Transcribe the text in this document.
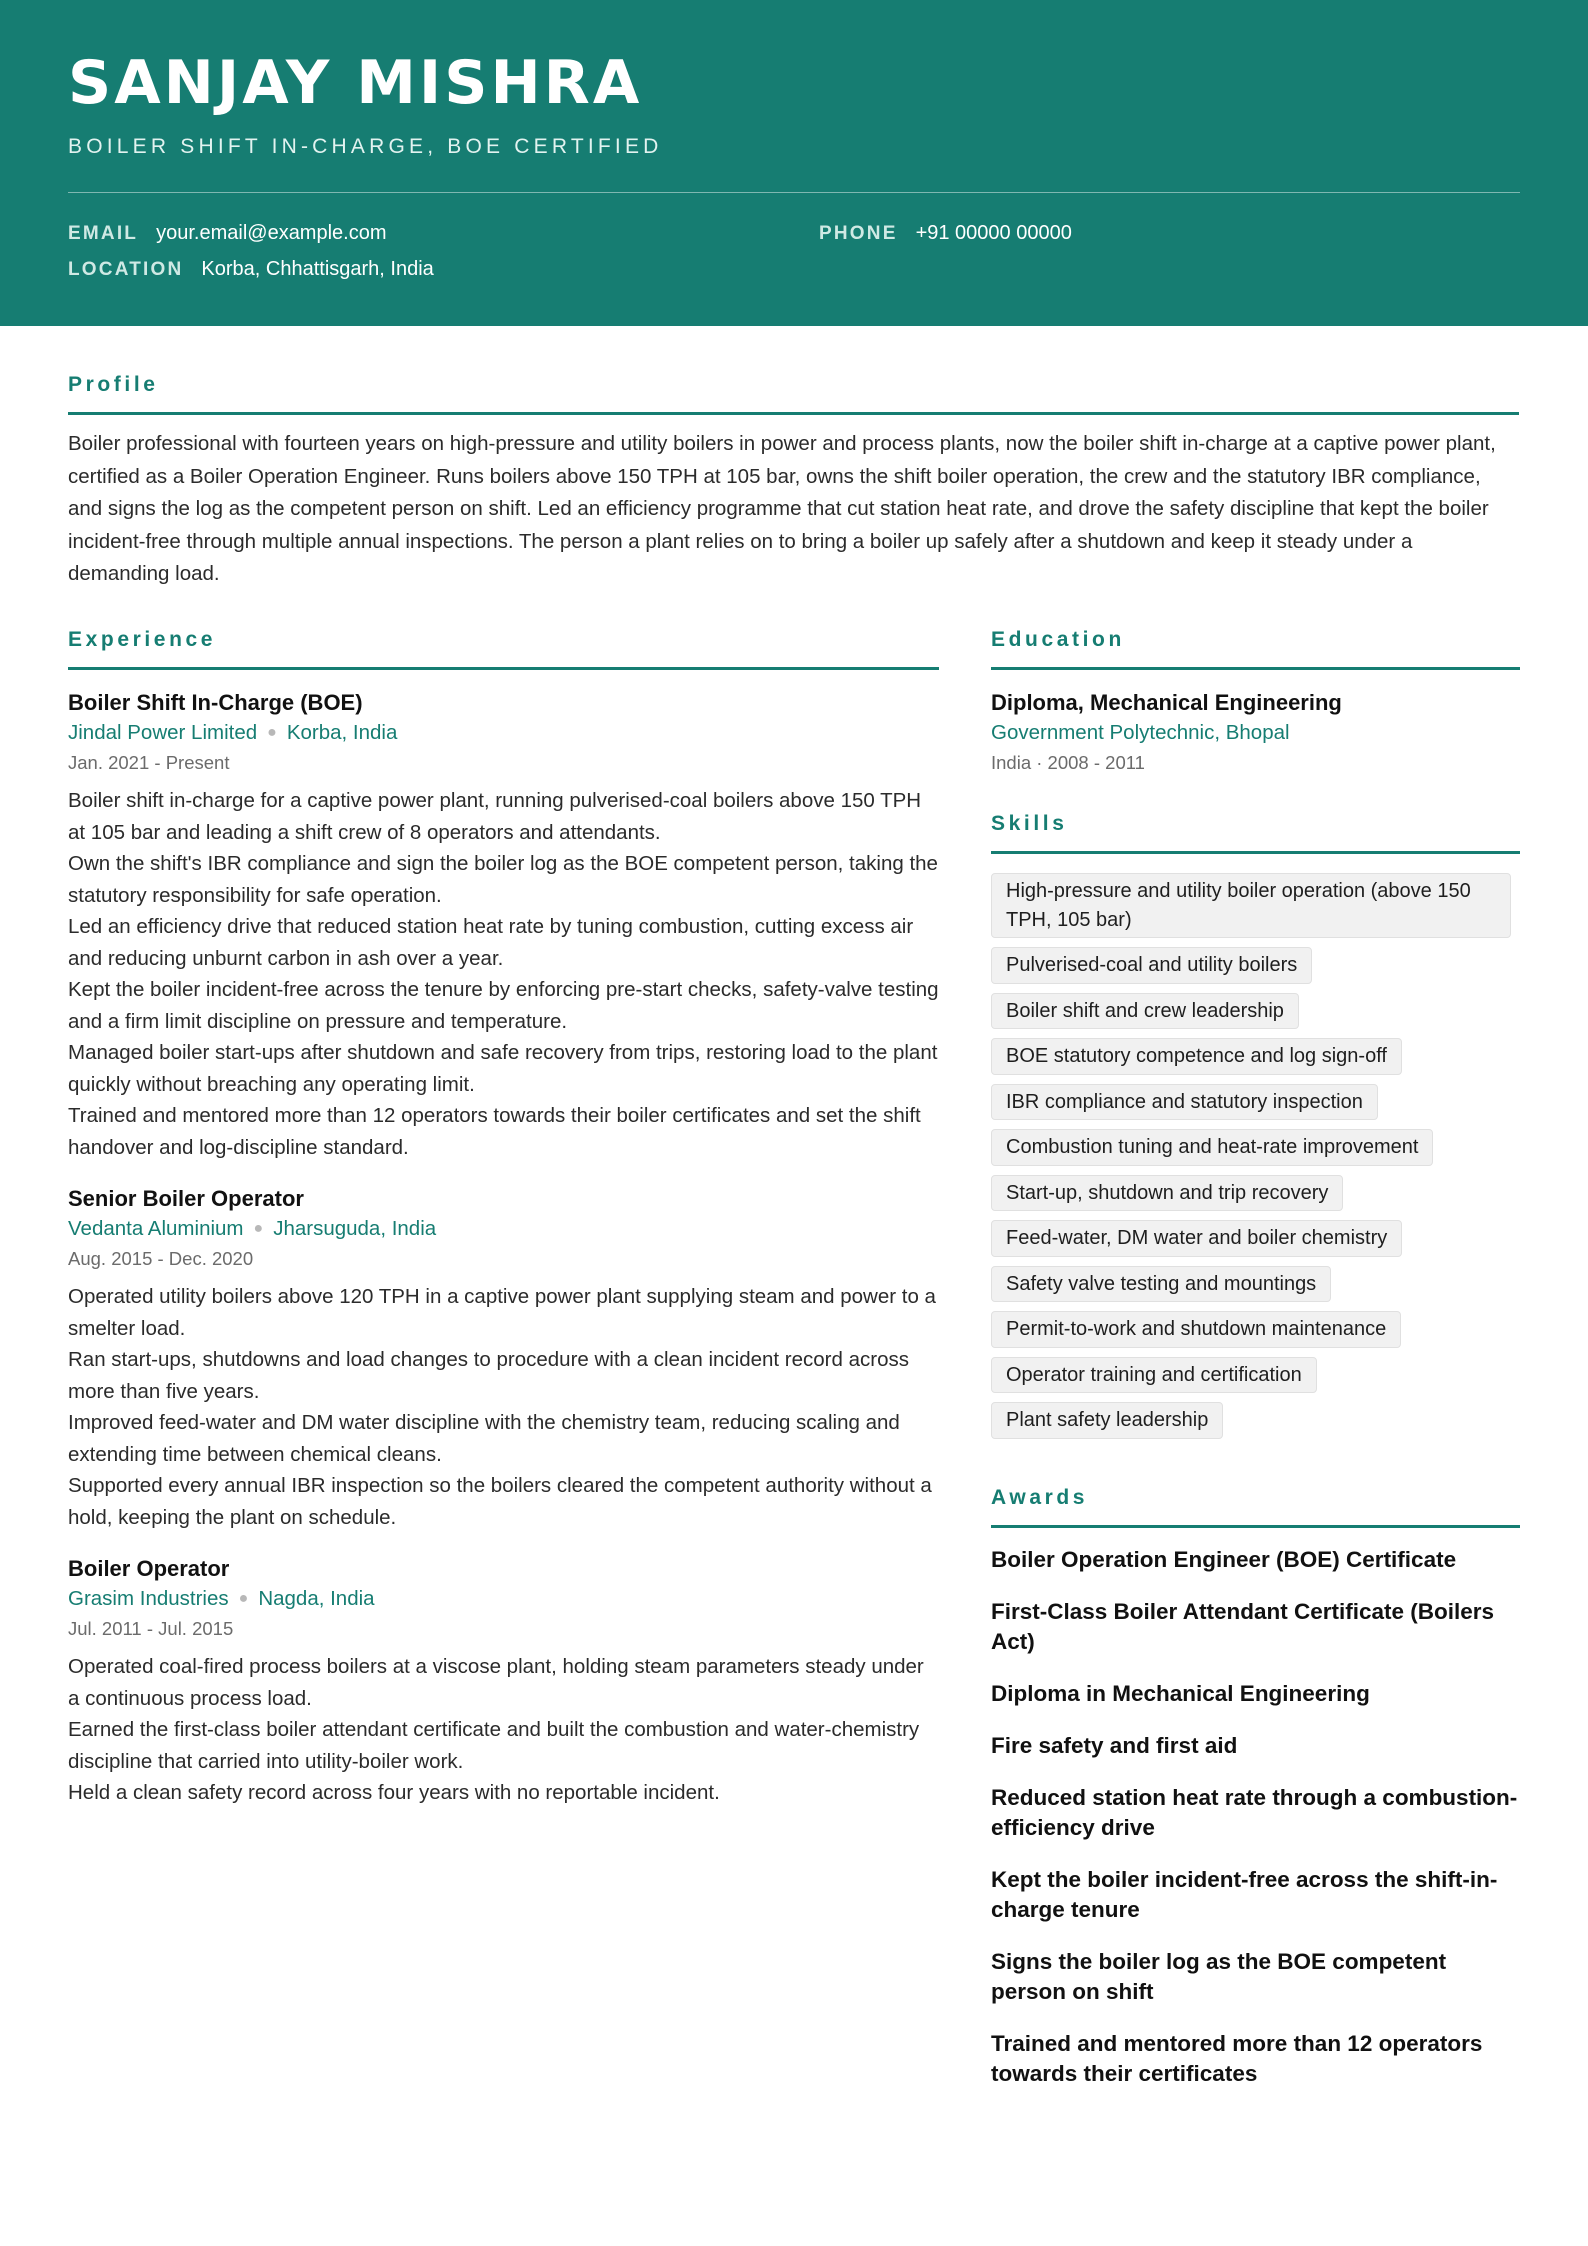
SANJAY MISHRA
BOILER SHIFT IN-CHARGE, BOE CERTIFIED
EMAIL your.email@example.com	PHONE +91 00000 00000
LOCATION Korba, Chhattisgarh, India
Profile

Boiler professional with fourteen years on high-pressure and utility boilers in power and process plants, now the boiler shift in-charge at a captive power plant, certified as a Boiler Operation Engineer. Runs boilers above 150 TPH at 105 bar, owns the shift boiler operation, the crew and the statutory IBR compliance, and signs the log as the competent person on shift. Led an efficiency programme that cut station heat rate, and drove the safety discipline that kept the boiler incident-free through multiple annual inspections. The person a plant relies on to bring a boiler up safely after a shutdown and keep it steady under a demanding load.

Experience
Boiler Shift In-Charge (BOE)
Jindal Power Limited ● Korba, India
Jan. 2021 - Present
Boiler shift in-charge for a captive power plant, running pulverised-coal boilers above 150 TPH at 105 bar and leading a shift crew of 8 operators and attendants.
Own the shift's IBR compliance and sign the boiler log as the BOE competent person, taking the statutory responsibility for safe operation.
Led an efficiency drive that reduced station heat rate by tuning combustion, cutting excess air and reducing unburnt carbon in ash over a year.
Kept the boiler incident-free across the tenure by enforcing pre-start checks, safety-valve testing and a firm limit discipline on pressure and temperature.
Managed boiler start-ups after shutdown and safe recovery from trips, restoring load to the plant quickly without breaching any operating limit.
Trained and mentored more than 12 operators towards their boiler certificates and set the shift handover and log-discipline standard.
Senior Boiler Operator
Vedanta Aluminium ● Jharsuguda, India
Aug. 2015 - Dec. 2020
Operated utility boilers above 120 TPH in a captive power plant supplying steam and power to a smelter load.
Ran start-ups, shutdowns and load changes to procedure with a clean incident record across more than five years.
Improved feed-water and DM water discipline with the chemistry team, reducing scaling and extending time between chemical cleans.
Supported every annual IBR inspection so the boilers cleared the competent authority without a hold, keeping the plant on schedule.
Boiler Operator
Grasim Industries ● Nagda, India
Jul. 2011 - Jul. 2015
Operated coal-fired process boilers at a viscose plant, holding steam parameters steady under a continuous process load.
Earned the first-class boiler attendant certificate and built the combustion and water-chemistry discipline that carried into utility-boiler work.
Held a clean safety record across four years with no reportable incident.
Education
Diploma, Mechanical Engineering
Government Polytechnic, Bhopal
India · 2008 - 2011
Skills
High-pressure and utility boiler operation (above 150 TPH, 105 bar)
Pulverised-coal and utility boilers
Boiler shift and crew leadership
BOE statutory competence and log sign-off
IBR compliance and statutory inspection
Combustion tuning and heat-rate improvement
Start-up, shutdown and trip recovery
Feed-water, DM water and boiler chemistry
Safety valve testing and mountings
Permit-to-work and shutdown maintenance
Operator training and certification
Plant safety leadership
Awards
Boiler Operation Engineer (BOE) Certificate
First-Class Boiler Attendant Certificate (Boilers Act)
Diploma in Mechanical Engineering
Fire safety and first aid
Reduced station heat rate through a combustion-efficiency drive
Kept the boiler incident-free across the shift-in-charge tenure
Signs the boiler log as the BOE competent person on shift
Trained and mentored more than 12 operators towards their certificates
